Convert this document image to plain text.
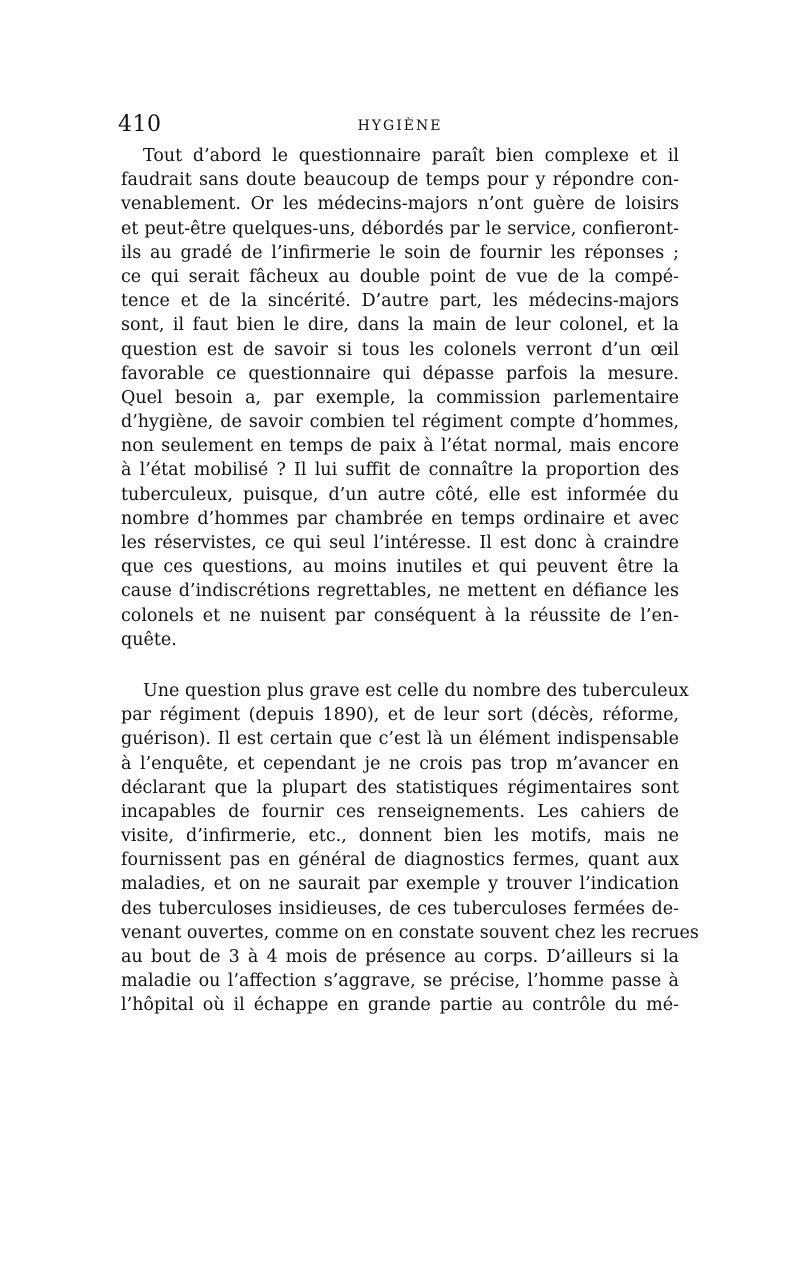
410	HYGIÈNE

Tout d’abord le questionnaire paraît bien complexe et il
faudrait sans doute beaucoup de temps pour y répondre con-
venablement. Or les médecins-majors n’ont guère de loisirs
et peut-être quelques-uns, débordés par le service, confieront-
ils au gradé de l’infirmerie le soin de fournir les réponses ;
ce qui serait fâcheux au double point de vue de la compé-
tence et de la sincérité. D’autre part, les médecins-majors
sont, il faut bien le dire, dans la main de leur colonel, et la
question est de savoir si tous les colonels verront d’un œil
favorable ce questionnaire qui dépasse parfois la mesure.
Quel besoin a, par exemple, la commission parlementaire
d’hygiène, de savoir combien tel régiment compte d’hommes,
non seulement en temps de paix à l’état normal, mais encore
à l’état mobilisé ? Il lui suffit de connaître la proportion des
tuberculeux, puisque, d’un autre côté, elle est informée du
nombre d’hommes par chambrée en temps ordinaire et avec
les réservistes, ce qui seul l’intéresse. Il est donc à craindre
que ces questions, au moins inutiles et qui peuvent être la
cause d’indiscrétions regrettables, ne mettent en défiance les
colonels et ne nuisent par conséquent à la réussite de l’en-
quête.

Une question plus grave est celle du nombre des tuberculeux
par régiment (depuis 1890), et de leur sort (décès, réforme,
guérison). Il est certain que c’est là un élément indispensable
à l’enquête, et cependant je ne crois pas trop m’avancer en
déclarant que la plupart des statistiques régimentaires sont
incapables de fournir ces renseignements. Les cahiers de
visite, d’infirmerie, etc., donnent bien les motifs, mais ne
fournissent pas en général de diagnostics fermes, quant aux
maladies, et on ne saurait par exemple y trouver l’indication
des tuberculoses insidieuses, de ces tuberculoses fermées de-
venant ouvertes, comme on en constate souvent chez les recrues
au bout de 3 à 4 mois de présence au corps. D’ailleurs si la
maladie ou l’affection s’aggrave, se précise, l’homme passe à
l’hôpital où il échappe en grande partie au contrôle du mé-
